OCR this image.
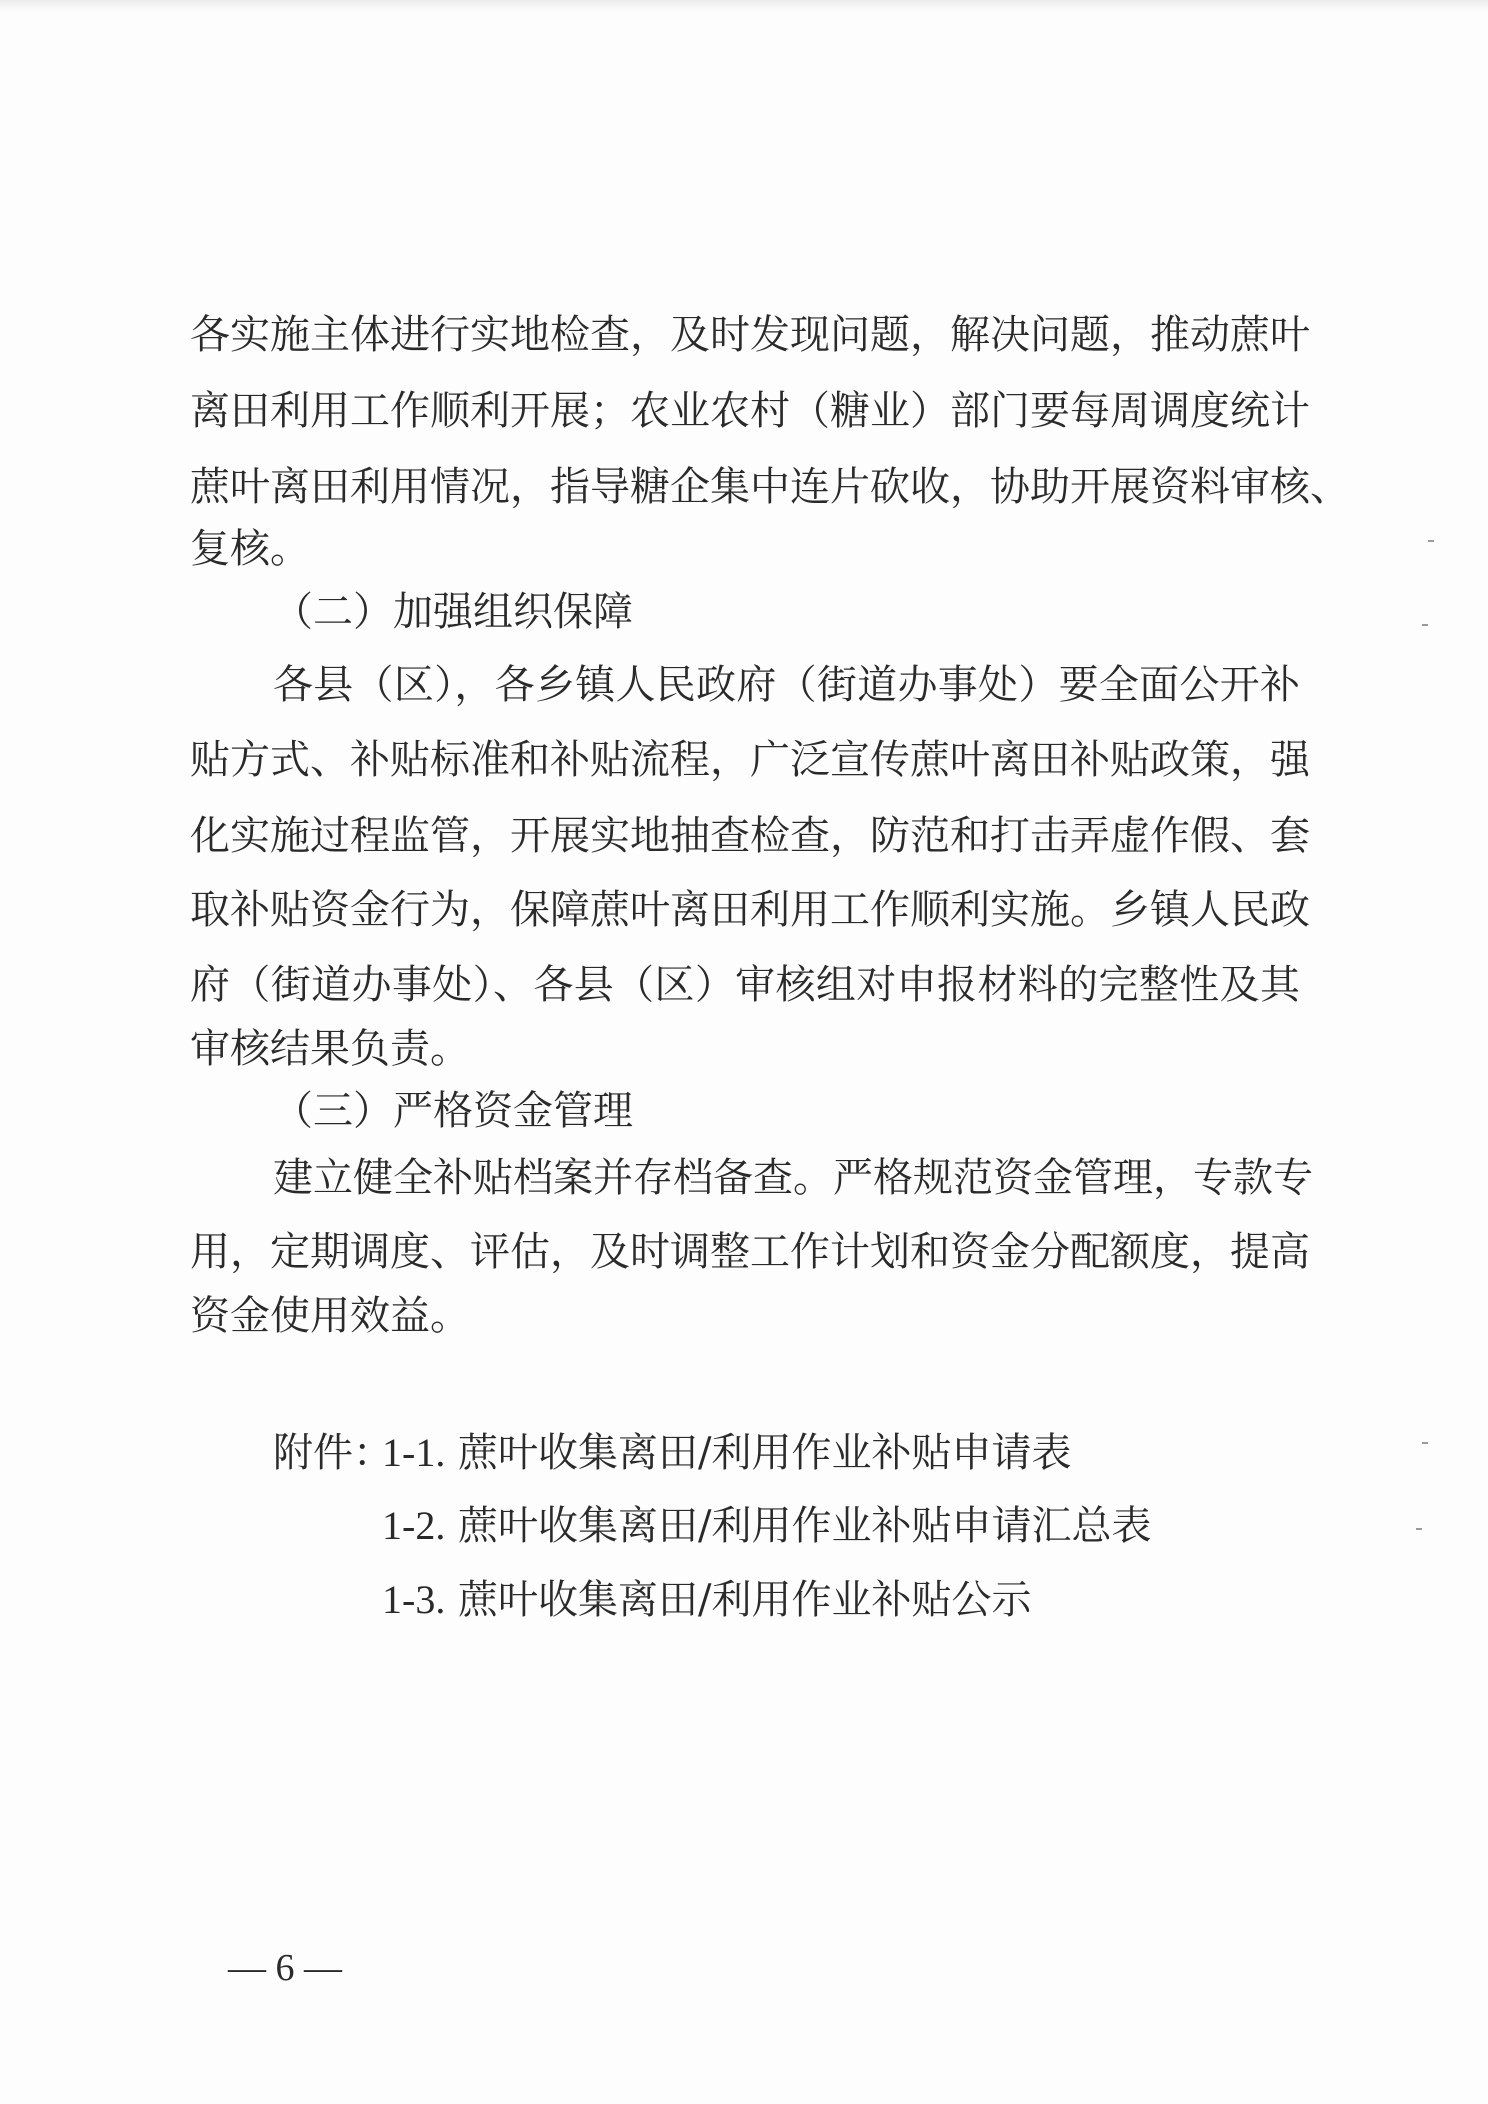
各实施主体进行实地检查，及时发现问题，解决问题，推动蔗叶
离田利用工作顺利开展；农业农村（糖业）部门要每周调度统计
蔗叶离田利用情况，指导糖企集中连片砍收，协助开展资料审核、
复核。
（二）加强组织保障
各县（区），各乡镇人民政府（街道办事处）要全面公开补
贴方式、补贴标准和补贴流程，广泛宣传蔗叶离田补贴政策，强
化实施过程监管，开展实地抽查检查，防范和打击弄虚作假、套
取补贴资金行为，保障蔗叶离田利用工作顺利实施。乡镇人民政
府（街道办事处）、各县（区）审核组对申报材料的完整性及其
审核结果负责。
（三）严格资金管理
建立健全补贴档案并存档备查。严格规范资金管理，专款专
用，定期调度、评估，及时调整工作计划和资金分配额度，提高
资金使用效益。
附件：1-1. 蔗叶收集离田/利用作业补贴申请表
1-2. 蔗叶收集离田/利用作业补贴申请汇总表
1-3. 蔗叶收集离田/利用作业补贴公示
— 6 —
